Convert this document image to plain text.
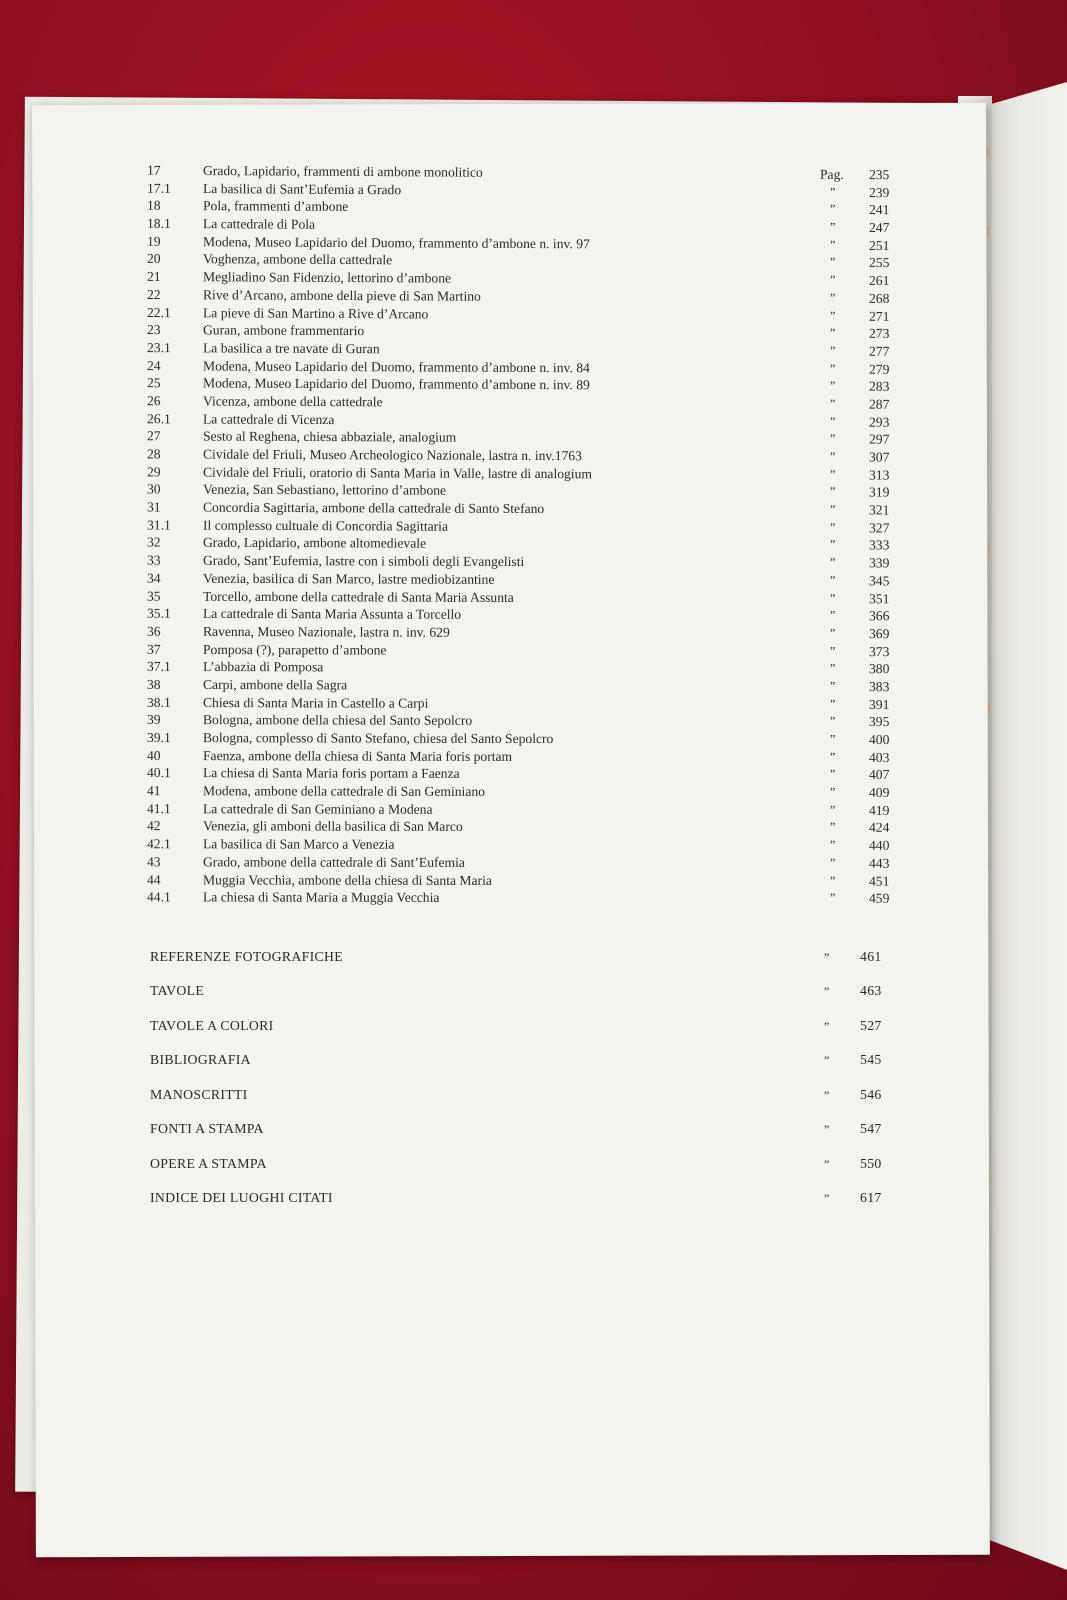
17	Grado, Lapidario, frammenti di ambone monolitico	Pag. 235
17.1 La basilica di Sant’Eufemia a Grado	” 239
18	Pola, frammenti d’ambone	” 241
18.1 La cattedrale di Pola	” 247
19	Modena, Museo Lapidario del Duomo, frammento d’ambone n. inv. 97	” 251
20	Voghenza, ambone della cattedrale	” 255
21	Megliadino San Fidenzio, lettorino d’ambone	” 261
22	Rive d’Arcano, ambone della pieve di San Martino	” 268
22.1 La pieve di San Martino a Rive d’Arcano	” 271
23	Guran, ambone frammentario	” 273
23.1 La basilica a tre navate di Guran	” 277
24	Modena, Museo Lapidario del Duomo, frammento d’ambone n. inv. 84	” 279
25	Modena, Museo Lapidario del Duomo, frammento d’ambone n. inv. 89	” 283
26	Vicenza, ambone della cattedrale	” 287
26.1 La cattedrale di Vicenza	” 293
27	Sesto al Reghena, chiesa abbaziale, analogium	” 297
28	Cividale del Friuli, Museo Archeologico Nazionale, lastra n. inv.1763	” 307
29	Cividale del Friuli, oratorio di Santa Maria in Valle, lastre di analogium	” 313
30	Venezia, San Sebastiano, lettorino d’ambone	” 319
31	Concordia Sagittaria, ambone della cattedrale di Santo Stefano	” 321
31.1 Il complesso cultuale di Concordia Sagittaria	” 327
32	Grado, Lapidario, ambone altomedievale	” 333
33	Grado, Sant’Eufemia, lastre con i simboli degli Evangelisti	” 339
34	Venezia, basilica di San Marco, lastre mediobizantine	” 345
35	Torcello, ambone della cattedrale di Santa Maria Assunta	” 351
35.1 La cattedrale di Santa Maria Assunta a Torcello	” 366
36	Ravenna, Museo Nazionale, lastra n. inv. 629	” 369
37	Pomposa (?), parapetto d’ambone	” 373
37.1 L’abbazia di Pomposa	” 380
38	Carpi, ambone della Sagra	” 383
38.1 Chiesa di Santa Maria in Castello a Carpi	” 391
39	Bologna, ambone della chiesa del Santo Sepolcro	” 395
39.1 Bologna, complesso di Santo Stefano, chiesa del Santo Sepolcro	” 400
40	Faenza, ambone della chiesa di Santa Maria foris portam	” 403
40.1 La chiesa di Santa Maria foris portam a Faenza	” 407
41	Modena, ambone della cattedrale di San Geminiano	” 409
41.1 La cattedrale di San Geminiano a Modena	” 419
42	Venezia, gli amboni della basilica di San Marco	” 424
42.1 La basilica di San Marco a Venezia	” 440
43	Grado, ambone della cattedrale di Sant’Eufemia	” 443
44	Muggia Vecchia, ambone della chiesa di Santa Maria	” 451
44.1 La chiesa di Santa Maria a Muggia Vecchia	” 459
REFERENZE FOTOGRAFICHE	” 461
TAVOLE	” 463
TAVOLE A COLORI	” 527
BIBLIOGRAFIA	” 545
MANOSCRITTI	” 546
FONTI A STAMPA	” 547
OPERE A STAMPA	” 550
INDICE DEI LUOGHI CITATI	” 617
